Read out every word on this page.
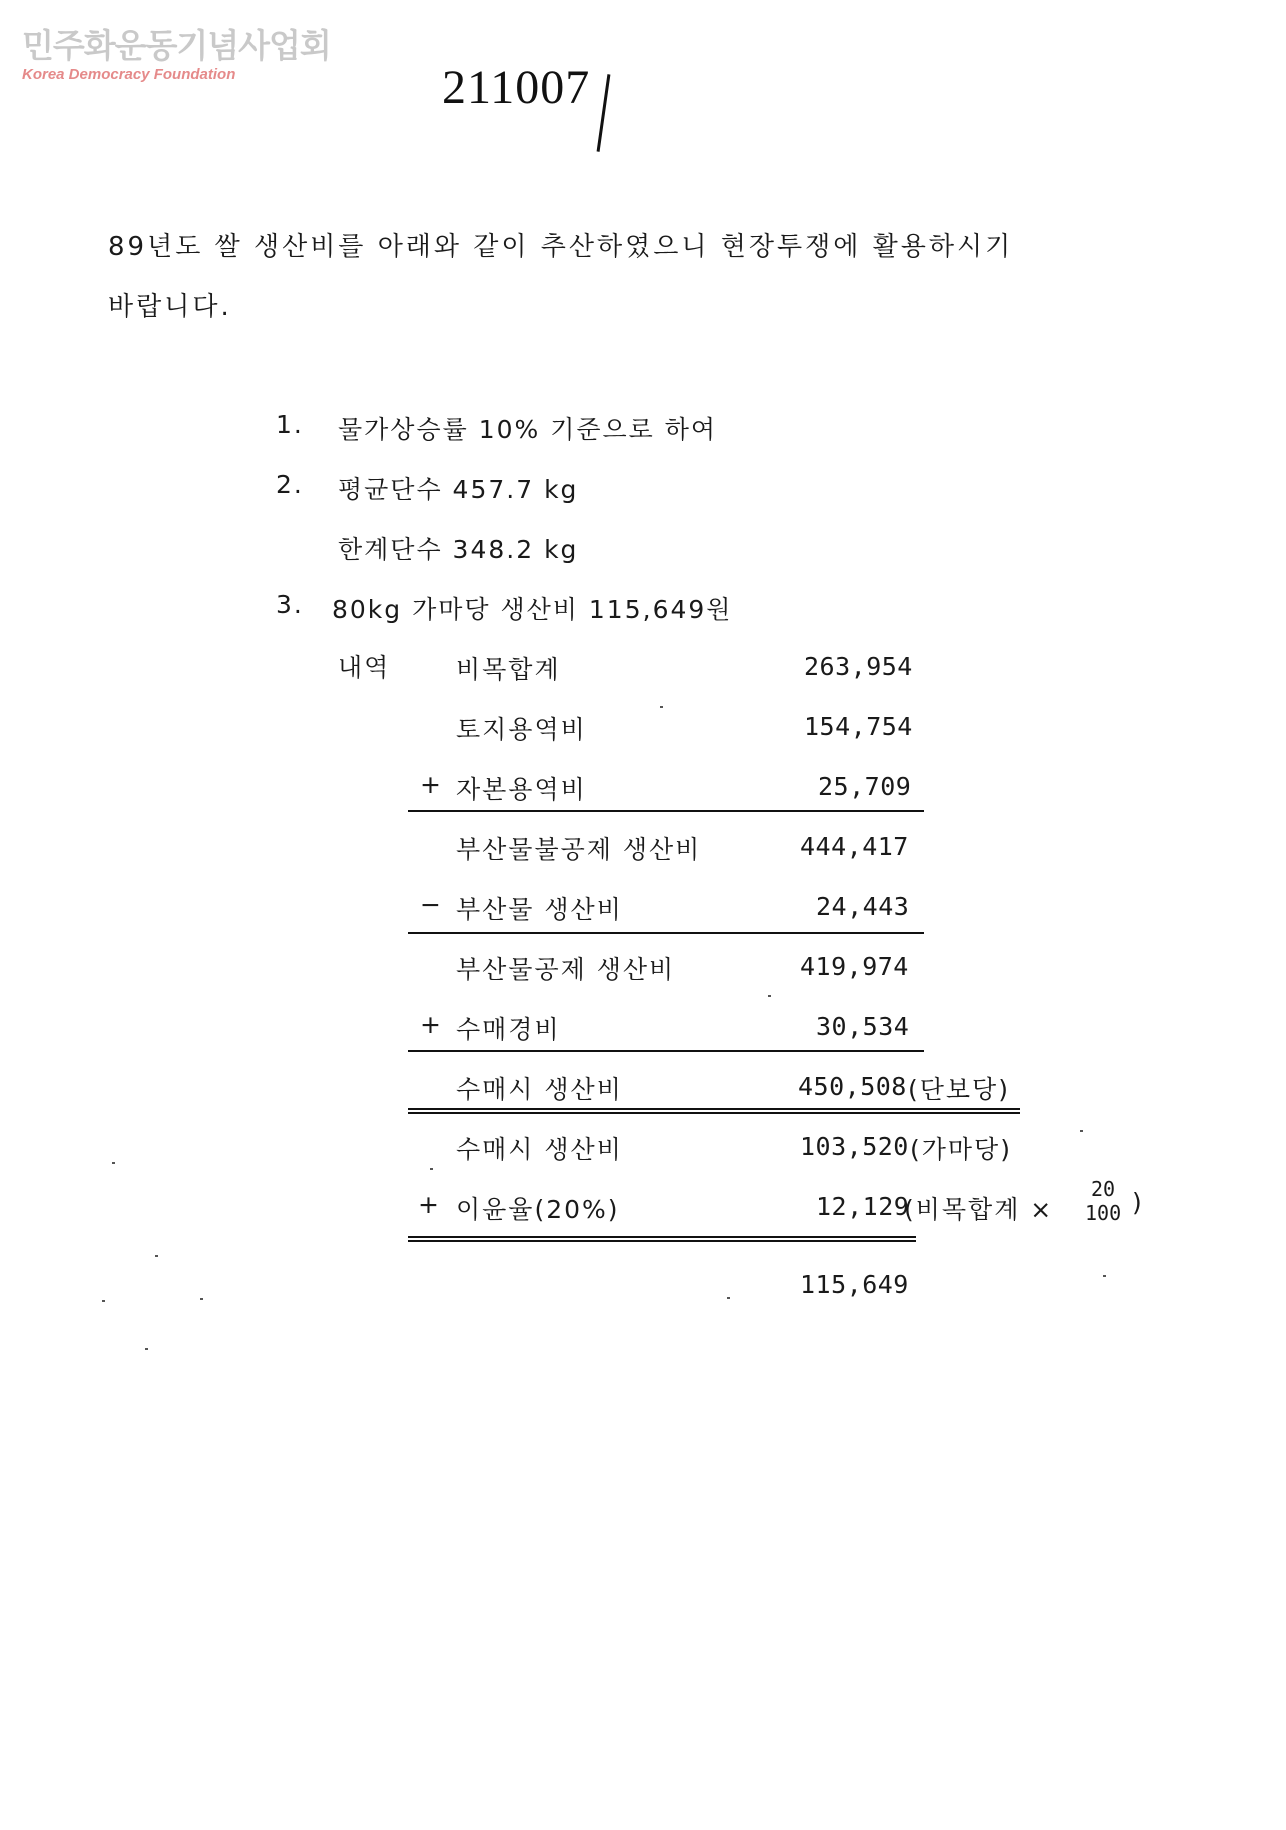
민주화운동기념사업회
Korea Democracy Foundation	211007
89년도 쌀 생산비를 아래와 같이 추산하였으니 현장투쟁에 활용하시기
바랍니다.
1. 물가상승률 10% 기준으로 하여
2. 평균단수 457.7 kg
한계단수 348.2 kg
3. 80kg 가마당 생산비 115,649원
내역	비목합계	263,954
토지용역비	154,754
+ 자본용역비	25,709
부산물불공제 생산비	444,417
− 부산물 생산비	24,443
부산물공제 생산비	419,974
+ 수매경비	30,534
수매시 생산비	450,508 (단보당)
수매시 생산비	103,520 (가마당)
+ 이윤율(20%)	12,129
(비목합계 ×
20
100 )
115,649
